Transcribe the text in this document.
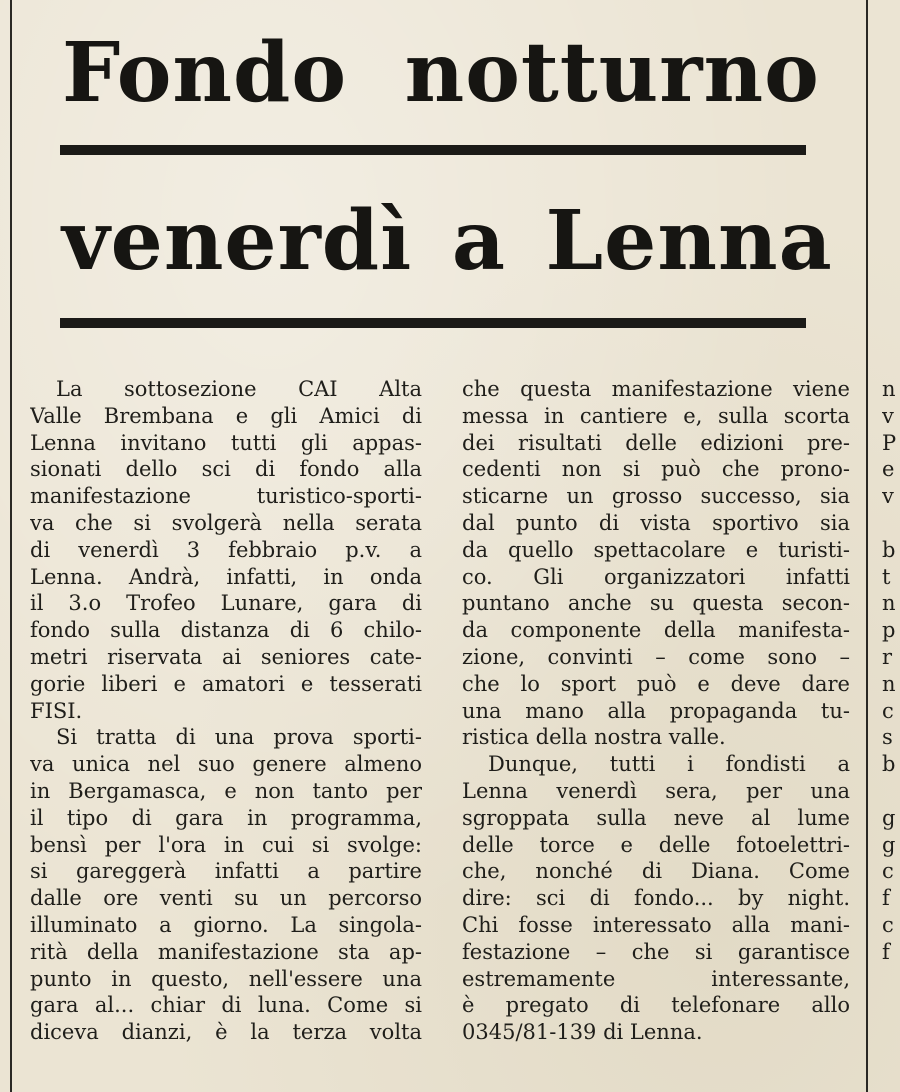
Fondo notturno
venerdì a Lenna
La sottosezione CAI Alta
Valle Brembana e gli Amici di
Lenna invitano tutti gli appas-
sionati dello sci di fondo alla
manifestazione turistico-sporti-
va che si svolgerà nella serata
di venerdì 3 febbraio p.v. a
Lenna. Andrà, infatti, in onda
il 3.o Trofeo Lunare, gara di
fondo sulla distanza di 6 chilo-
metri riservata ai seniores cate-
gorie liberi e amatori e tesserati
FISI.
Si tratta di una prova sporti-
va unica nel suo genere almeno
in Bergamasca, e non tanto per
il tipo di gara in programma,
bensì per l'ora in cui si svolge:
si gareggerà infatti a partire
dalle ore venti su un percorso
illuminato a giorno. La singola-
rità della manifestazione sta ap-
punto in questo, nell'essere una
gara al... chiar di luna. Come si
diceva dianzi, è la terza volta
che questa manifestazione viene
messa in cantiere e, sulla scorta
dei risultati delle edizioni pre-
cedenti non si può che prono-
sticarne un grosso successo, sia
dal punto di vista sportivo sia
da quello spettacolare e turisti-
co. Gli organizzatori infatti
puntano anche su questa secon-
da componente della manifesta-
zione, convinti – come sono –
che lo sport può e deve dare
una mano alla propaganda tu-
ristica della nostra valle.
Dunque, tutti i fondisti a
Lenna venerdì sera, per una
sgroppata sulla neve al lume
delle torce e delle fotoelettri-
che, nonché di Diana. Come
dire: sci di fondo... by night.
Chi fosse interessato alla mani-
festazione – che si garantisce
estremamente interessante,
è pregato di telefonare allo
0345/81-139 di Lenna.
n
v
P
e
v
b
t
n
p
r
n
c
s
b
g
g
c
f
c
f
